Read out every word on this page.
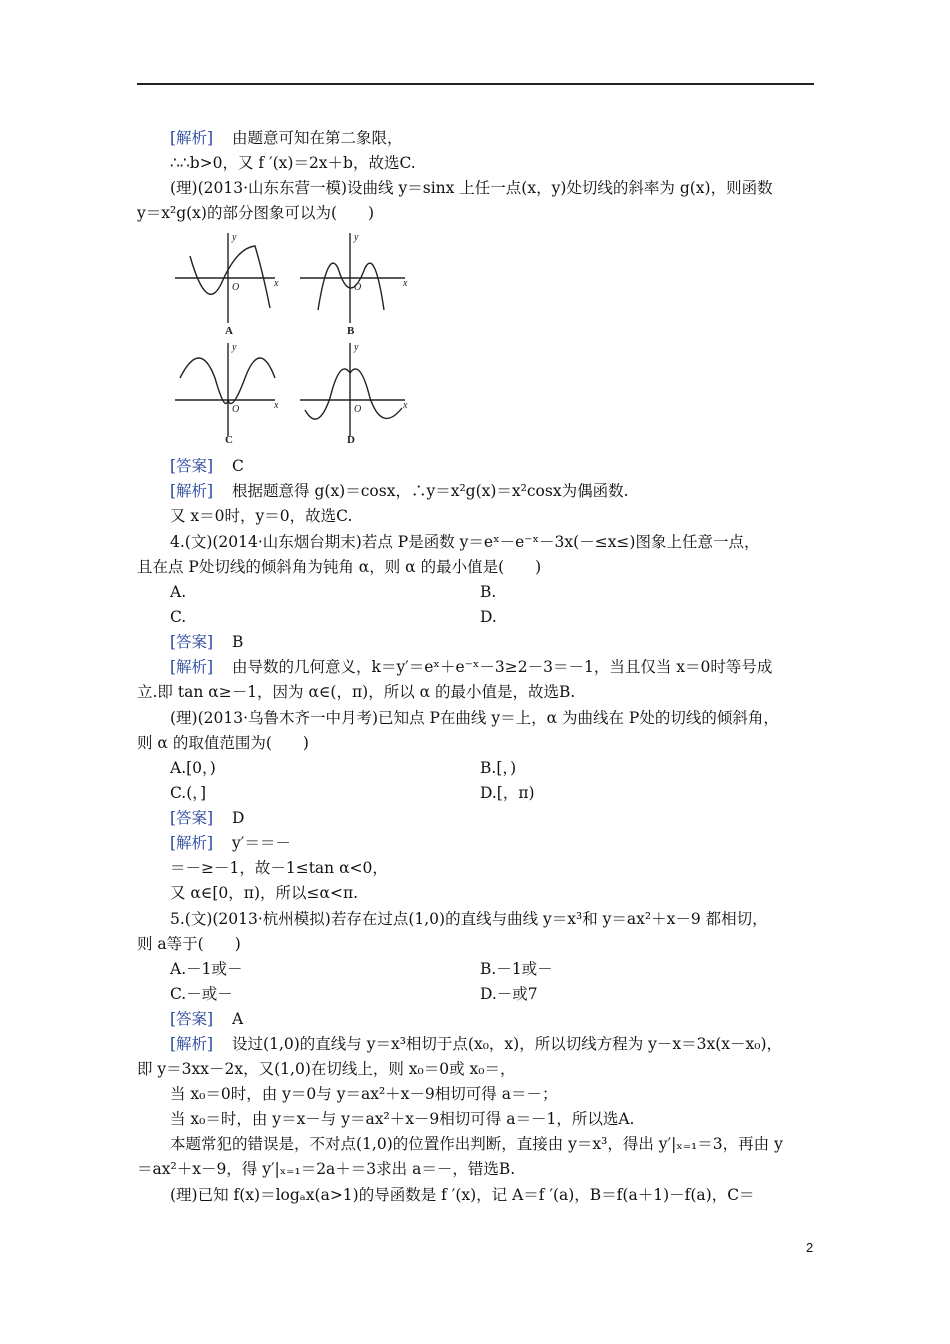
[解析] 由题意可知在第二象限，
∴∴b>0，又 f ′(x)＝2x＋b，故选C.
(理)(2013·山东东营一模)设曲线 y＝sinx 上任一点(x，y)处切线的斜率为 g(x)，则函数
y＝x²g(x)的部分图象可以为(　　)
y
x
O
y
x
O
y
x
O
y
x
O
A	B
C	D
[答案] C
[解析] 根据题意得 g(x)＝cosx，∴y＝x²g(x)＝x²cosx为偶函数.
又 x＝0时，y＝0，故选C.
4.(文)(2014·山东烟台期末)若点 P是函数 y＝eˣ－e⁻ˣ－3x(－≤x≤)图象上任意一点，
且在点 P处切线的倾斜角为钝角 α，则 α 的最小值是(　　)
A.	B.
C.	D.
[答案] B
[解析] 由导数的几何意义，k＝y′＝eˣ＋e⁻ˣ－3≥2－3＝－1，当且仅当 x＝0时等号成
立.即 tan α≥－1，因为 α∈(，π)，所以 α 的最小值是，故选B.
(理)(2013·乌鲁木齐一中月考)已知点 P在曲线 y＝上，α 为曲线在 P处的切线的倾斜角，
则 α 的取值范围为(　　)
A.[0，)	B.[，)
C.(，]	D.[，π)
[答案] D
[解析] y′＝＝－
＝－≥－1，故－1≤tan α<0，
又 α∈[0，π)，所以≤α<π.
5.(文)(2013·杭州模拟)若存在过点(1,0)的直线与曲线 y＝x³和 y＝ax²＋x－9 都相切，
则 a等于(　　)
A.－1或－	B.－1或－
C.－或－	D.－或7
[答案] A
[解析] 设过(1,0)的直线与 y＝x³相切于点(x₀，x)，所以切线方程为 y－x＝3x(x－x₀)，
即 y＝3xx－2x，又(1,0)在切线上，则 x₀＝0或 x₀＝，
当 x₀＝0时，由 y＝0与 y＝ax²＋x－9相切可得 a＝－；
当 x₀＝时，由 y＝x－与 y＝ax²＋x－9相切可得 a＝－1，所以选A.
本题常犯的错误是，不对点(1,0)的位置作出判断，直接由 y＝x³，得出 y′|ₓ₌₁＝3，再由 y
＝ax²＋x－9，得 y′|ₓ₌₁＝2a＋＝3求出 a＝－，错选B.
(理)已知 f(x)＝logₐx(a>1)的导函数是 f ′(x)，记 A＝f ′(a)，B＝f(a＋1)－f(a)，C＝
2
